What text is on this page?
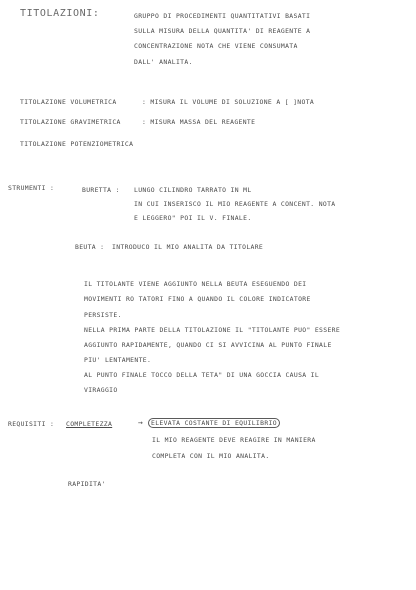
TITOLAZIONI:	GRUPPO DI PROCEDIMENTI QUANTITATIVI BASATI
SULLA MISURA DELLA QUANTITA' DI REAGENTE A
CONCENTRAZIONE NOTA CHE VIENE CONSUMATA
DALL' ANALITA.
TITOLAZIONE VOLUMETRICA	: MISURA IL VOLUME DI SOLUZIONE A [ ]NOTA
TITOLAZIONE GRAVIMETRICA	: MISURA MASSA DEL REAGENTE
TITOLAZIONE POTENZIOMETRICA
STRUMENTI :	BURETTA : LUNGO CILINDRO TARRATO IN ML
IN CUI INSERISCO IL MIO REAGENTE A CONCENT. NOTA
E LEGGERO" POI IL V. FINALE.
BEUTA : INTRODUCO IL MIO ANALITA DA TITOLARE
IL TITOLANTE VIENE AGGIUNTO NELLA BEUTA ESEGUENDO DEI
MOVIMENTI RO TATORI FINO A QUANDO IL COLORE INDICATORE
PERSISTE.
NELLA PRIMA PARTE DELLA TITOLAZIONE IL "TITOLANTE PUO" ESSERE
AGGIUNTO RAPIDAMENTE, QUANDO CI SI AVVICINA AL PUNTO FINALE
PIU' LENTAMENTE.
AL PUNTO FINALE TOCCO DELLA TETA" DI UNA GOCCIA CAUSA IL
VIRAGGIO
REQUISITI : COMPLETEZZA	→	ELEVATA COSTANTE DI EQUILIBRIO
IL MIO REAGENTE DEVE REAGIRE IN MANIERA
COMPLETA CON IL MIO ANALITA.
RAPIDITA'
